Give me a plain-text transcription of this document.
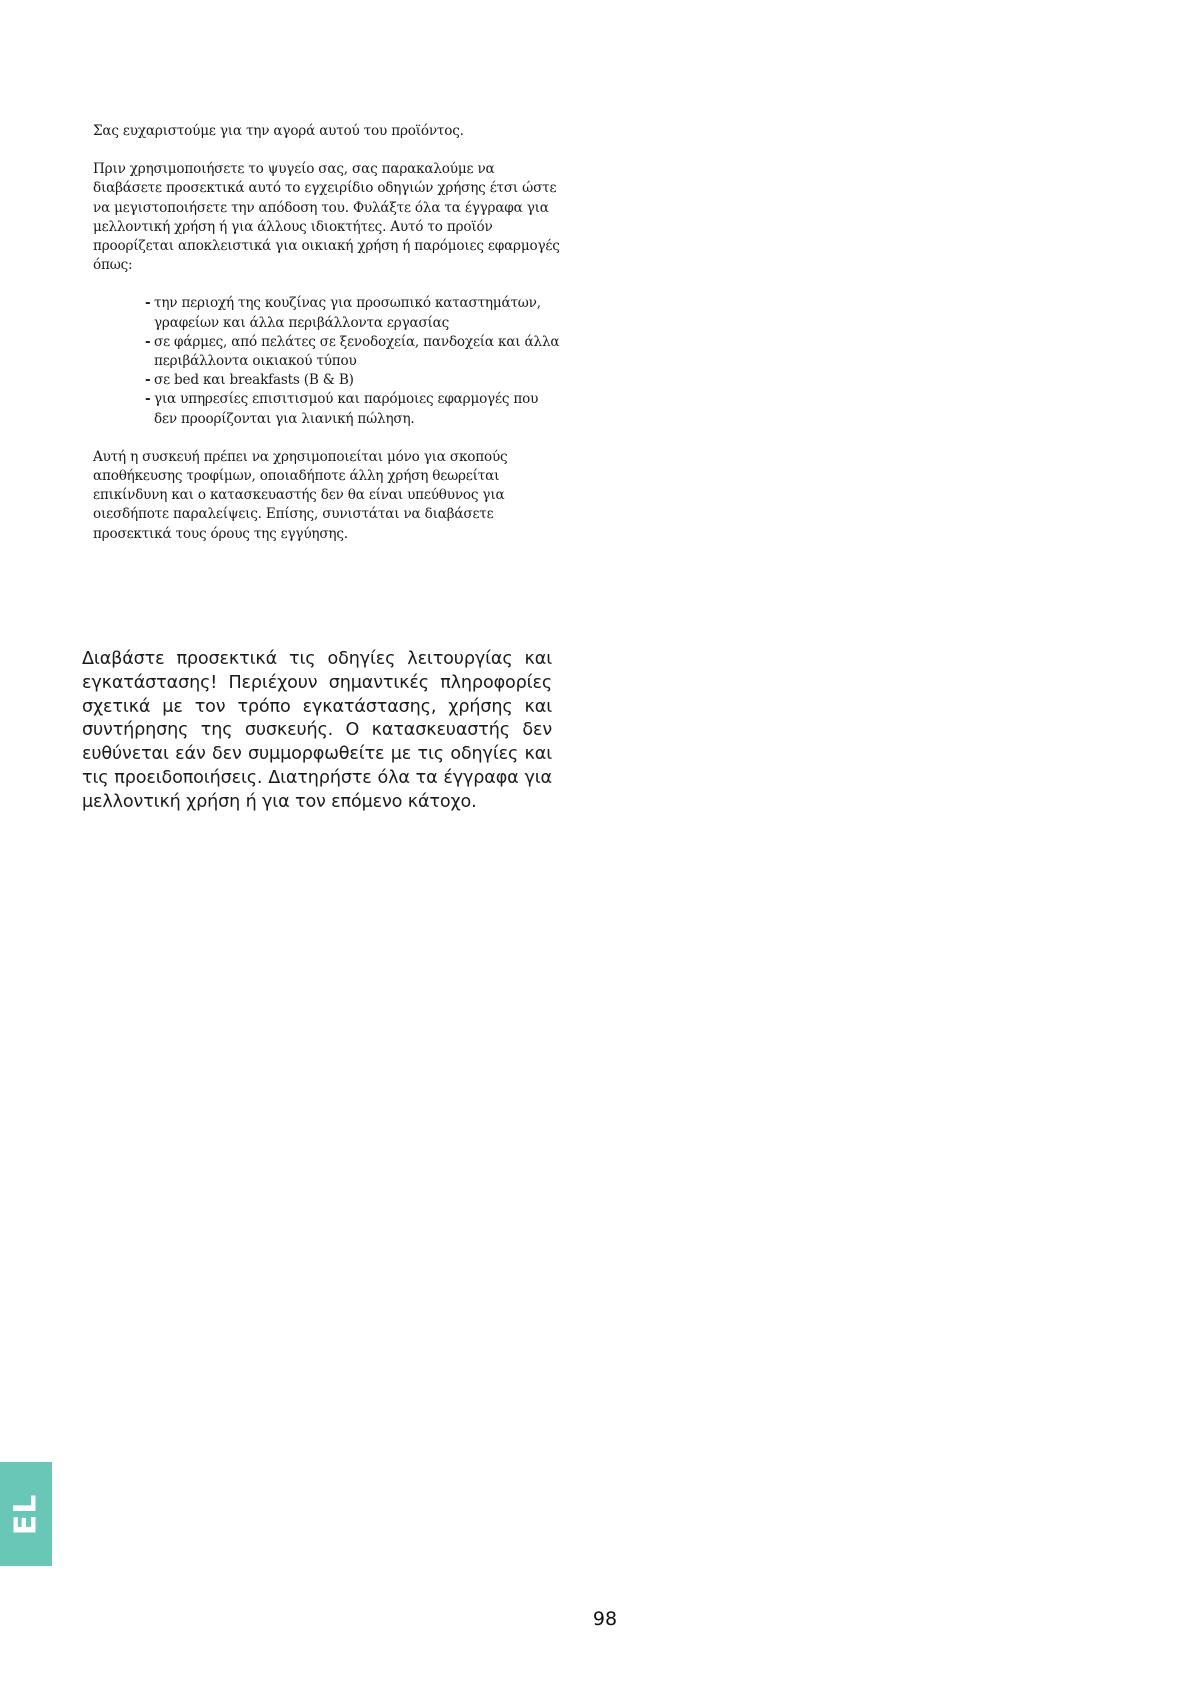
Σας ευχαριστούμε για την αγορά αυτού του προϊόντος.

Πριν χρησιμοποιήσετε το ψυγείο σας, σας παρακαλούμε να διαβάσετε προσεκτικά αυτό το εγχειρίδιο οδηγιών χρήσης έτσι ώστε να μεγιστοποιήσετε την απόδοση του. Φυλάξτε όλα τα έγγραφα για μελλοντική χρήση ή για άλλους ιδιοκτήτες. Αυτό το προϊόν προορίζεται αποκλειστικά για οικιακή χρήση ή παρόμοιες εφαρμογές όπως:

- την περιοχή της κουζίνας για προσωπικό καταστημάτων, γραφείων και άλλα περιβάλλοντα εργασίας
- σε φάρμες, από πελάτες σε ξενοδοχεία, πανδοχεία και άλλα περιβάλλοντα οικιακού τύπου
- σε bed και breakfasts (B & B)
- για υπηρεσίες επισιτισμού και παρόμοιες εφαρμογές που δεν προορίζονται για λιανική πώληση.

Αυτή η συσκευή πρέπει να χρησιμοποιείται μόνο για σκοπούς αποθήκευσης τροφίμων, οποιαδήποτε άλλη χρήση θεωρείται επικίνδυνη και ο κατασκευαστής δεν θα είναι υπεύθυνος για οιεσδήποτε παραλείψεις. Επίσης, συνιστάται να διαβάσετε προσεκτικά τους όρους της εγγύησης.

Διαβάστε προσεκτικά τις οδηγίες λειτουργίας και εγκατάστασης! Περιέχουν σημαντικές πληροφορίες σχετικά με τον τρόπο εγκατάστασης, χρήσης και συντήρησης της συσκευής. Ο κατασκευαστής δεν ευθύνεται εάν δεν συμμορφωθείτε με τις οδηγίες και τις προειδοποιήσεις. Διατηρήστε όλα τα έγγραφα για μελλοντική χρήση ή για τον επόμενο κάτοχο.

EL
98
